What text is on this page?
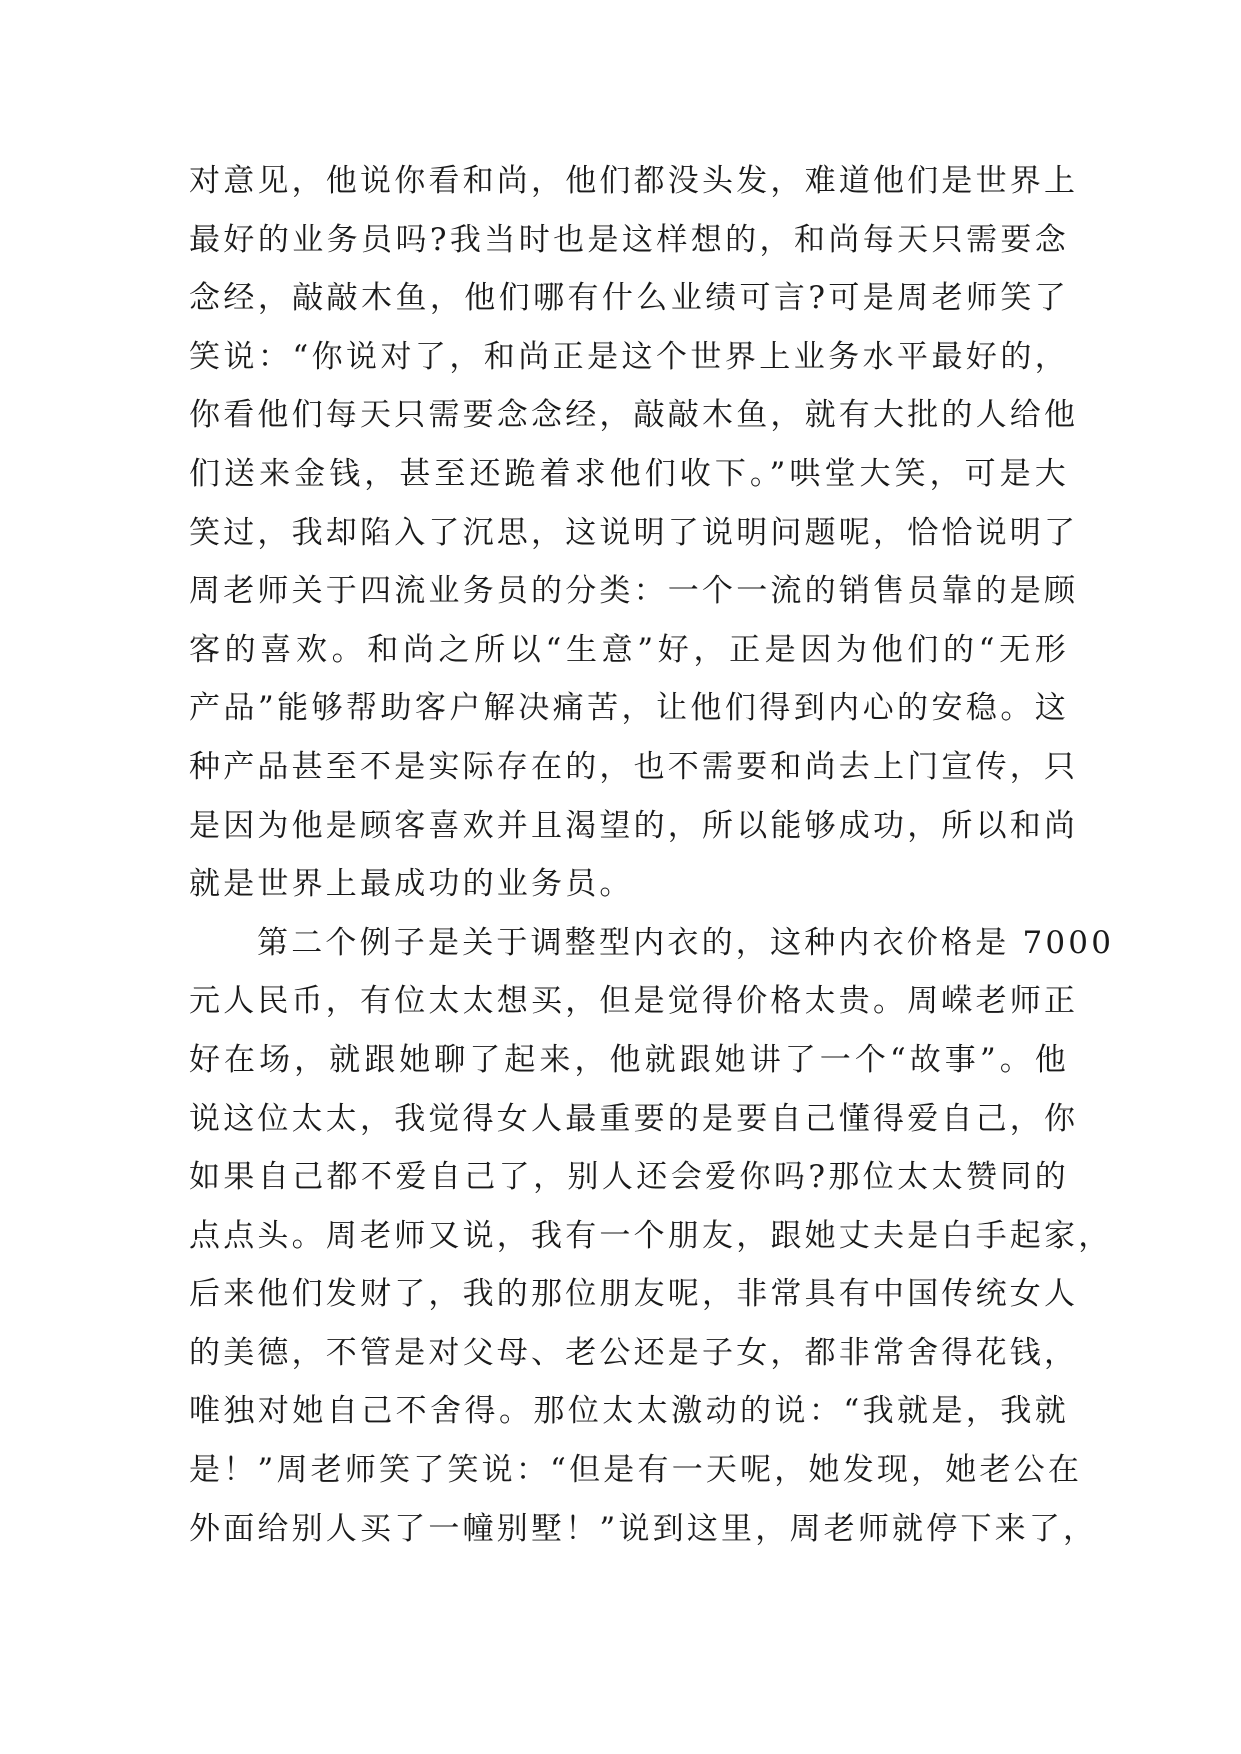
对意见，他说你看和尚，他们都没头发，难道他们是世界上
最好的业务员吗?我当时也是这样想的，和尚每天只需要念
念经，敲敲木鱼，他们哪有什么业绩可言?可是周老师笑了
笑说：“你说对了，和尚正是这个世界上业务水平最好的，
你看他们每天只需要念念经，敲敲木鱼，就有大批的人给他
们送来金钱，甚至还跪着求他们收下。”哄堂大笑，可是大
笑过，我却陷入了沉思，这说明了说明问题呢，恰恰说明了
周老师关于四流业务员的分类：一个一流的销售员靠的是顾
客的喜欢。和尚之所以“生意”好，正是因为他们的“无形
产品”能够帮助客户解决痛苦，让他们得到内心的安稳。这
种产品甚至不是实际存在的，也不需要和尚去上门宣传，只
是因为他是顾客喜欢并且渴望的，所以能够成功，所以和尚
就是世界上最成功的业务员。
第二个例子是关于调整型内衣的，这种内衣价格是 7000
元人民币，有位太太想买，但是觉得价格太贵。周嵘老师正
好在场，就跟她聊了起来，他就跟她讲了一个“故事”。他
说这位太太，我觉得女人最重要的是要自己懂得爱自己，你
如果自己都不爱自己了，别人还会爱你吗?那位太太赞同的
点点头。周老师又说，我有一个朋友，跟她丈夫是白手起家，
后来他们发财了，我的那位朋友呢，非常具有中国传统女人
的美德，不管是对父母、老公还是子女，都非常舍得花钱，
唯独对她自己不舍得。那位太太激动的说：“我就是，我就
是！”周老师笑了笑说：“但是有一天呢，她发现，她老公在
外面给别人买了一幢别墅！”说到这里，周老师就停下来了，
